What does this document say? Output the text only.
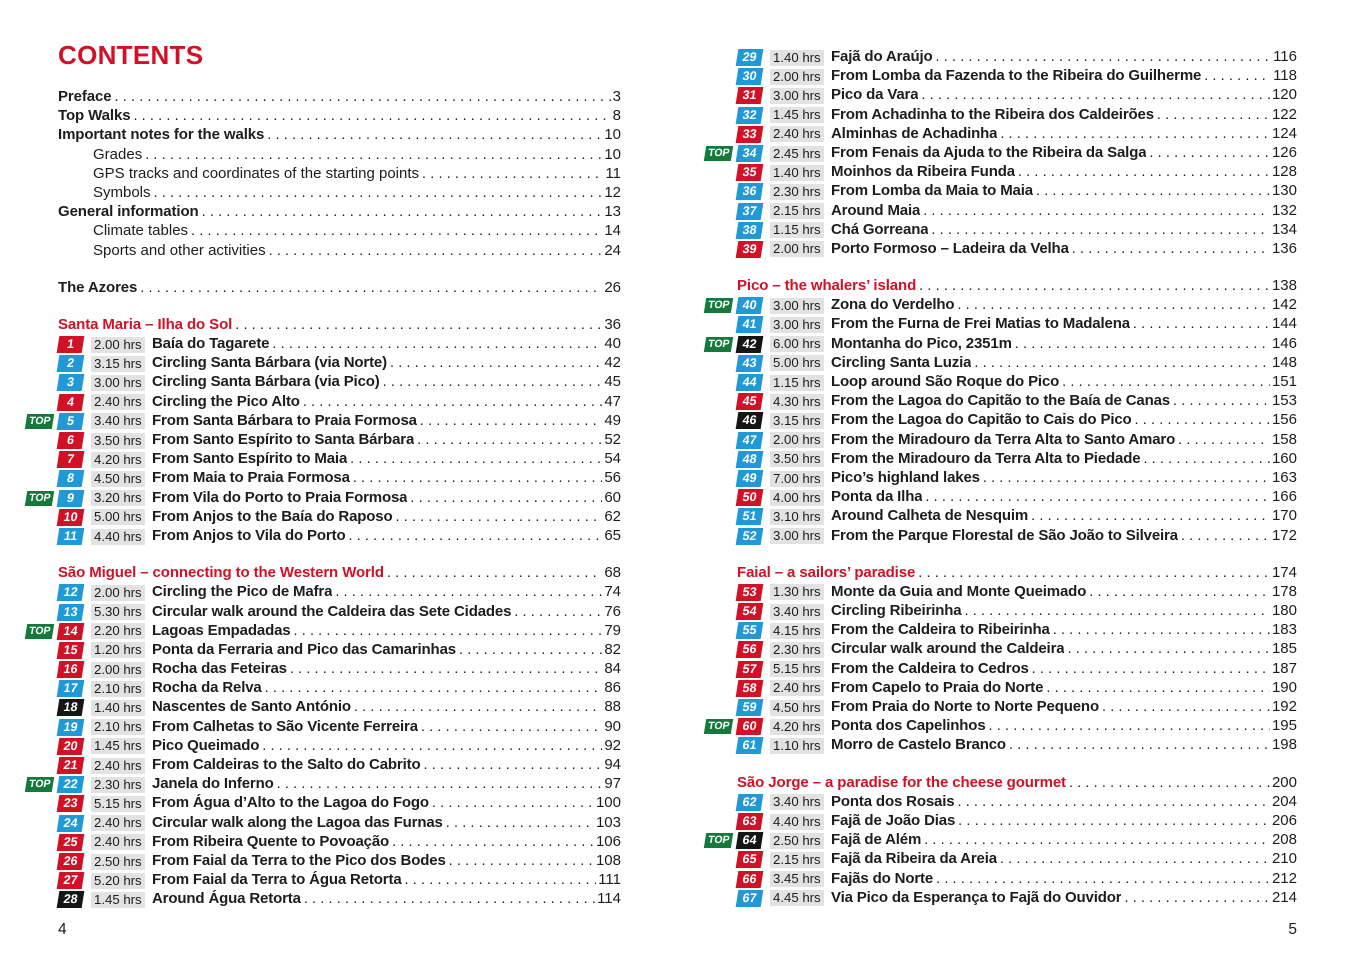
CONTENTS
Preface .....	3
Top Walks .....	8
Important notes for the walks .....	10
Grades .....	10
GPS tracks and coordinates of the starting points .....	11
Symbols .....	12
General information .....	13
Climate tables .....	14
Sports and other activities .....	24
The Azores .....	26
Santa Maria – Ilha do Sol .....	36
1	2.00 hrs Baía do Tagarete .....	40
2	3.15 hrs Circling Santa Bárbara (via Norte) .....	42
3	3.00 hrs Circling Santa Bárbara (via Pico) .....	45
4	2.40 hrs Circling the Pico Alto .....	47
TOP	5	3.40 hrs From Santa Bárbara to Praia Formosa .....	49
6	3.50 hrs From Santo Espírito to Santa Bárbara .....	52
7	4.20 hrs From Santo Espírito to Maia .....	54
8	4.50 hrs From Maia to Praia Formosa .....	56
TOP	9	3.20 hrs From Vila do Porto to Praia Formosa .....	60
10	5.00 hrs From Anjos to the Baía do Raposo .....	62
11	4.40 hrs From Anjos to Vila do Porto .....	65
São Miguel – connecting to the Western World .....	68
12	2.00 hrs Circling the Pico de Mafra .....	74
13	5.30 hrs Circular walk around the Caldeira das Sete Cidades .....	76
TOP 14	2.20 hrs Lagoas Empadadas .....	79
15	1.20 hrs Ponta da Ferraria and Pico das Camarinhas .....	82
16	2.00 hrs Rocha das Feteiras .....	84
17	2.10 hrs Rocha da Relva .....	86
18	1.40 hrs Nascentes de Santo António .....	88
19	2.10 hrs From Calhetas to São Vicente Ferreira .....	90
20	1.45 hrs Pico Queimado .....	92
21	2.40 hrs From Caldeiras to the Salto do Cabrito .....	94
TOP 22	2.30 hrs Janela do Inferno .....	97
23	5.15 hrs From Água d’Alto to the Lagoa do Fogo .....	100
24	2.40 hrs Circular walk along the Lagoa das Furnas .....	103
25	2.40 hrs From Ribeira Quente to Povoação .....	106
26	2.50 hrs From Faial da Terra to the Pico dos Bodes .....	108
27	5.20 hrs From Faial da Terra to Água Retorta .....	111
28	1.45 hrs Around Água Retorta .....	114
4
29	1.40 hrs Fajã do Araújo .....	116
30	2.00 hrs From Lomba da Fazenda to the Ribeira do Guilherme .....	118
31	3.00 hrs Pico da Vara .....	120
32	1.45 hrs From Achadinha to the Ribeira dos Caldeirões .....	122
33	2.40 hrs Alminhas de Achadinha .....	124
TOP 34	2.45 hrs From Fenais da Ajuda to the Ribeira da Salga .....	126
35	1.40 hrs Moinhos da Ribeira Funda .....	128
36	2.30 hrs From Lomba da Maia to Maia .....	130
37	2.15 hrs Around Maia .....	132
38	1.15 hrs Chá Gorreana .....	134
39	2.00 hrs Porto Formoso – Ladeira da Velha .....	136
Pico – the whalers’ island .....	138
TOP 40	3.00 hrs Zona do Verdelho .....	142
41	3.00 hrs From the Furna de Frei Matias to Madalena .....	144
TOP 42	6.00 hrs Montanha do Pico, 2351m .....	146
43	5.00 hrs Circling Santa Luzia .....	148
44	1.15 hrs Loop around São Roque do Pico .....	151
45	4.30 hrs From the Lagoa do Capitão to the Baía de Canas .....	153
46	3.15 hrs From the Lagoa do Capitão to Cais do Pico .....	156
47	2.00 hrs From the Miradouro da Terra Alta to Santo Amaro .....	158
48	3.50 hrs From the Miradouro da Terra Alta to Piedade .....	160
49	7.00 hrs Pico’s highland lakes .....	163
50	4.00 hrs Ponta da Ilha .....	166
51	3.10 hrs Around Calheta de Nesquim .....	170
52	3.00 hrs From the Parque Florestal de São João to Silveira .....	172
Faial – a sailors’ paradise .....	174
53	1.30 hrs Monte da Guia and Monte Queimado .....	178
54	3.40 hrs Circling Ribeirinha .....	180
55	4.15 hrs From the Caldeira to Ribeirinha .....	183
56	2.30 hrs Circular walk around the Caldeira .....	185
57	5.15 hrs From the Caldeira to Cedros .....	187
58	2.40 hrs From Capelo to Praia do Norte .....	190
59	4.50 hrs From Praia do Norte to Norte Pequeno .....	192
TOP 60	4.20 hrs Ponta dos Capelinhos .....	195
61	1.10 hrs Morro de Castelo Branco .....	198
São Jorge – a paradise for the cheese gourmet .....	200
62	3.40 hrs Ponta dos Rosais .....	204
63	4.40 hrs Fajã de João Dias .....	206
TOP 64	2.50 hrs Fajã de Além .....	208
65	2.15 hrs Fajã da Ribeira da Areia .....	210
66	3.45 hrs Fajãs do Norte .....	212
67	4.45 hrs Via Pico da Esperança to Fajã do Ouvidor .....	214
5
